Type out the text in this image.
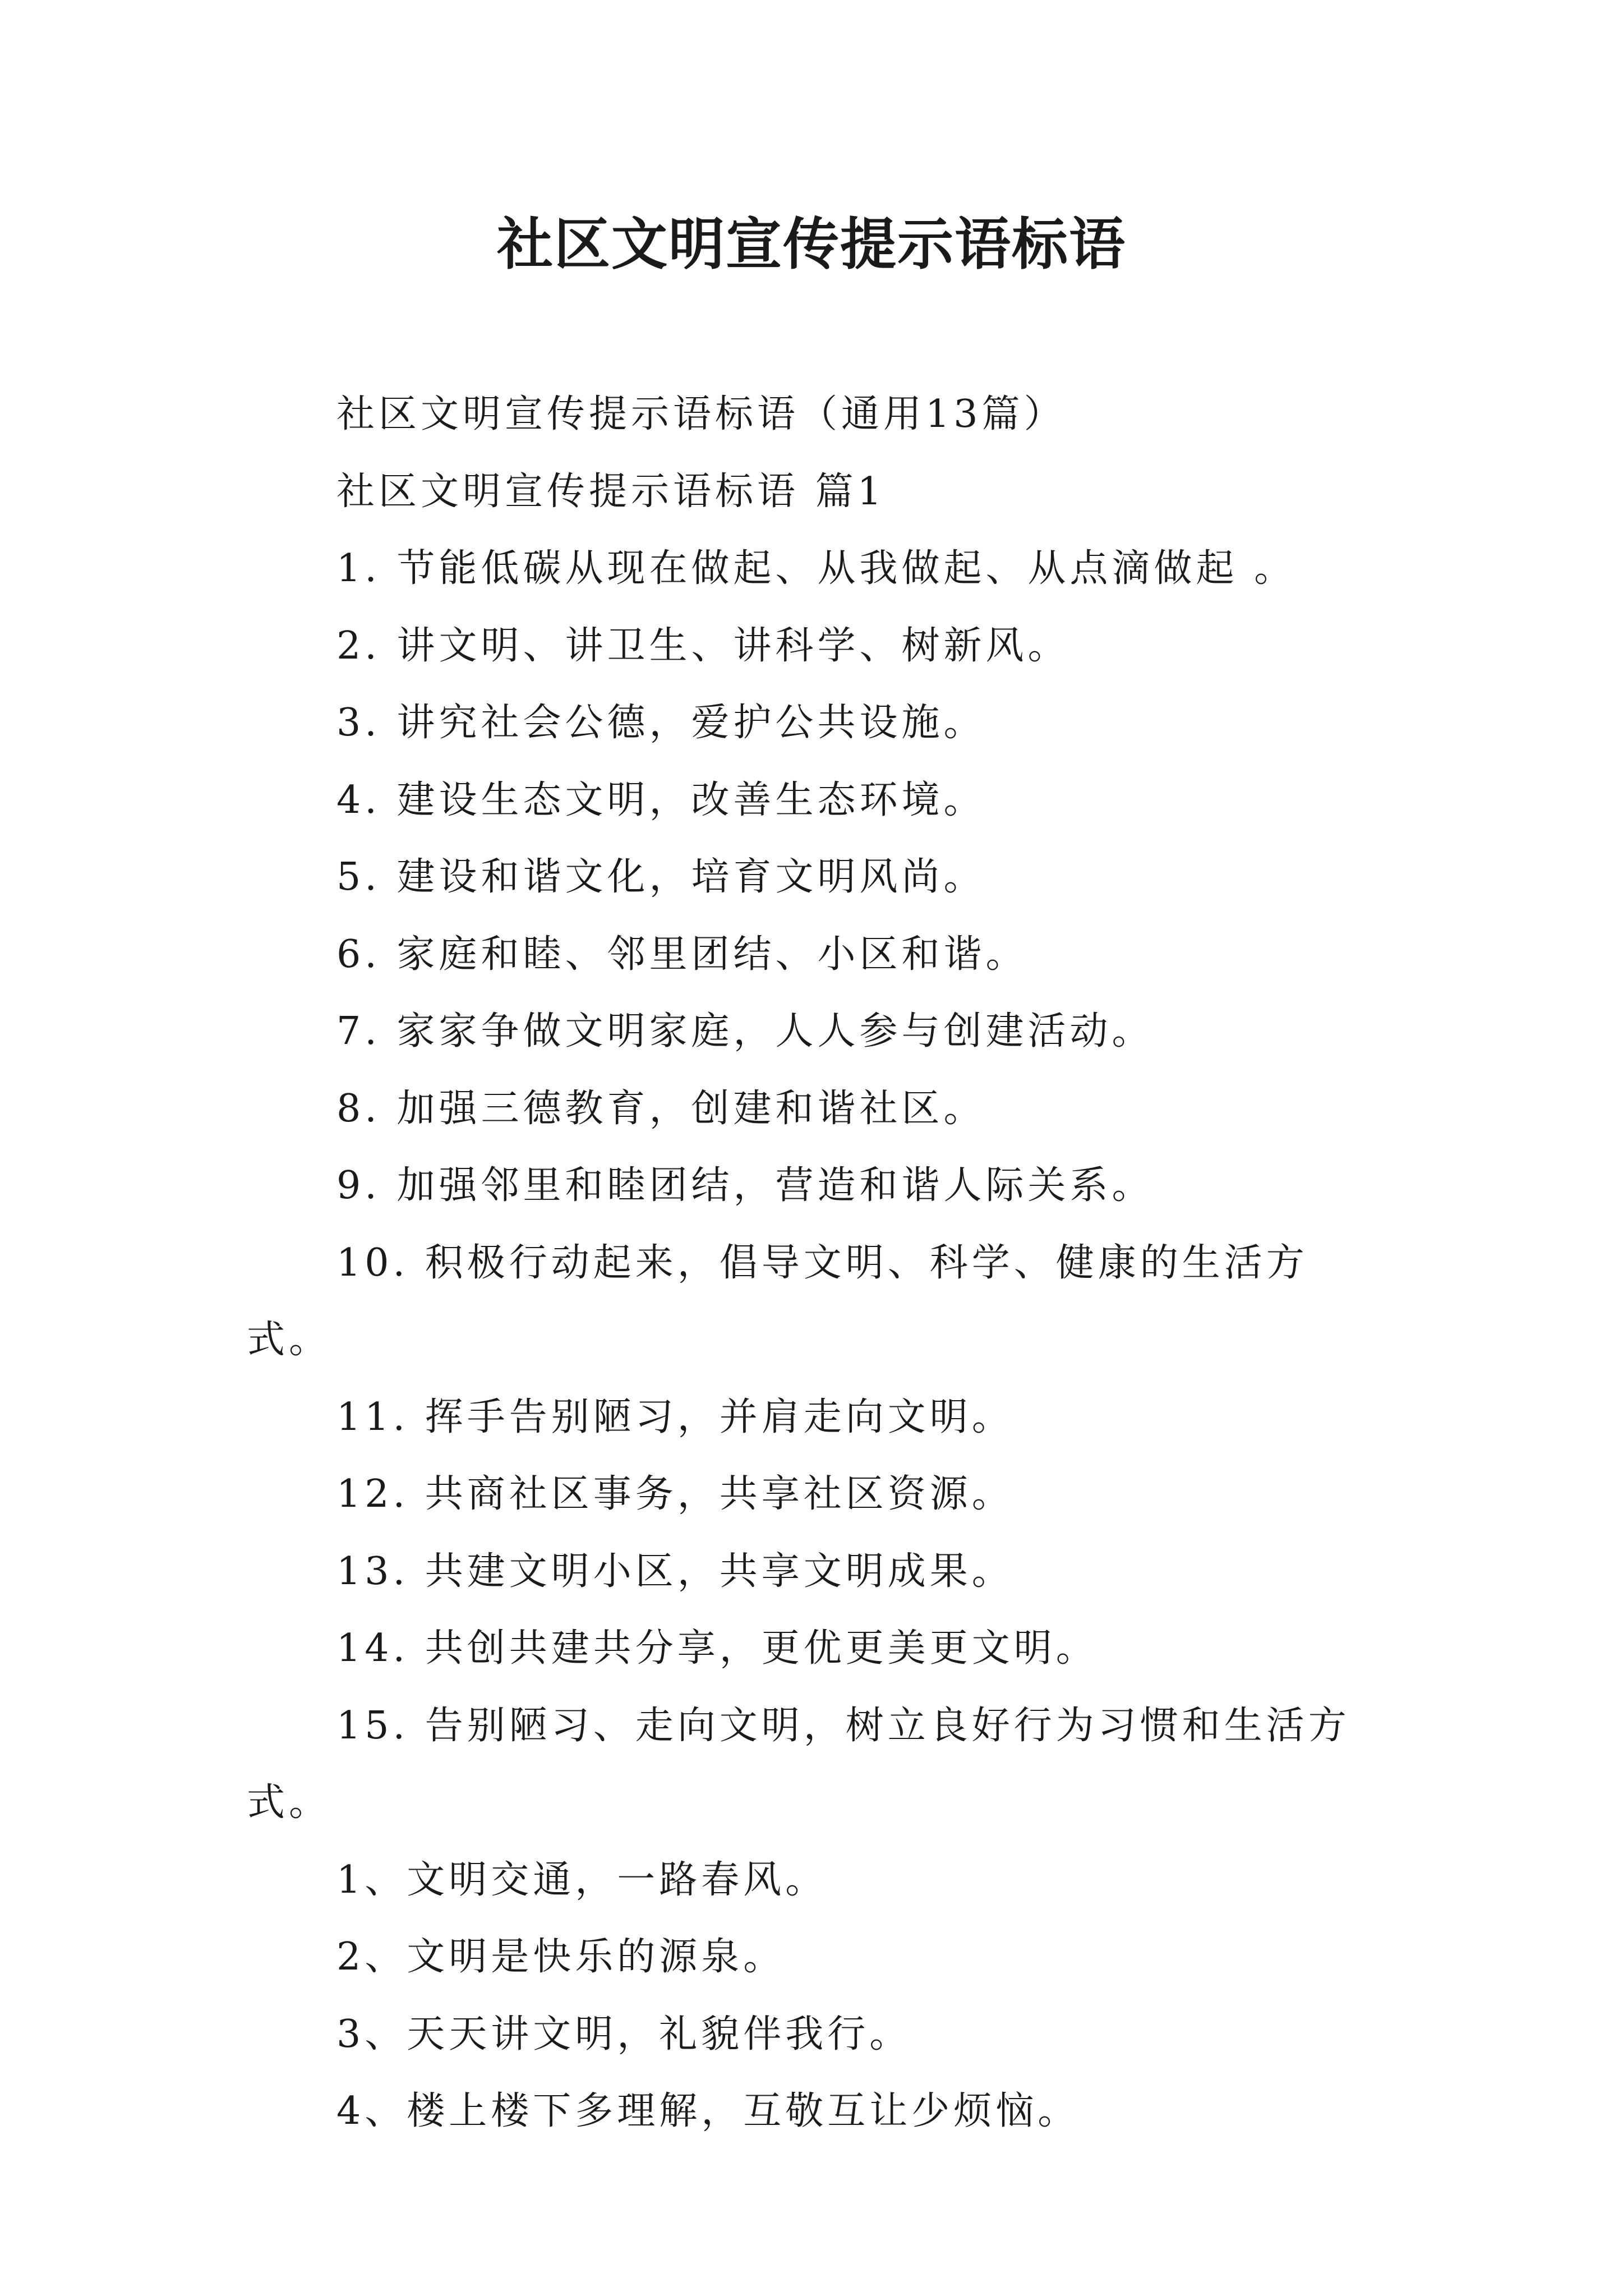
社区文明宣传提示语标语

社区文明宣传提示语标语（通用13篇）

社区文明宣传提示语标语 篇1

1. 节能低碳从现在做起、从我做起、从点滴做起 。

2. 讲文明、讲卫生、讲科学、树新风。

3. 讲究社会公德，爱护公共设施。

4. 建设生态文明，改善生态环境。

5. 建设和谐文化，培育文明风尚。

6. 家庭和睦、邻里团结、小区和谐。

7. 家家争做文明家庭，人人参与创建活动。

8. 加强三德教育，创建和谐社区。

9. 加强邻里和睦团结，营造和谐人际关系。

10. 积极行动起来，倡导文明、科学、健康的生活方式。

11. 挥手告别陋习，并肩走向文明。

12. 共商社区事务，共享社区资源。

13. 共建文明小区，共享文明成果。

14. 共创共建共分享，更优更美更文明。

15. 告别陋习、走向文明，树立良好行为习惯和生活方式。

1、文明交通，一路春风。

2、文明是快乐的源泉。

3、天天讲文明，礼貌伴我行。

4、楼上楼下多理解，互敬互让少烦恼。
